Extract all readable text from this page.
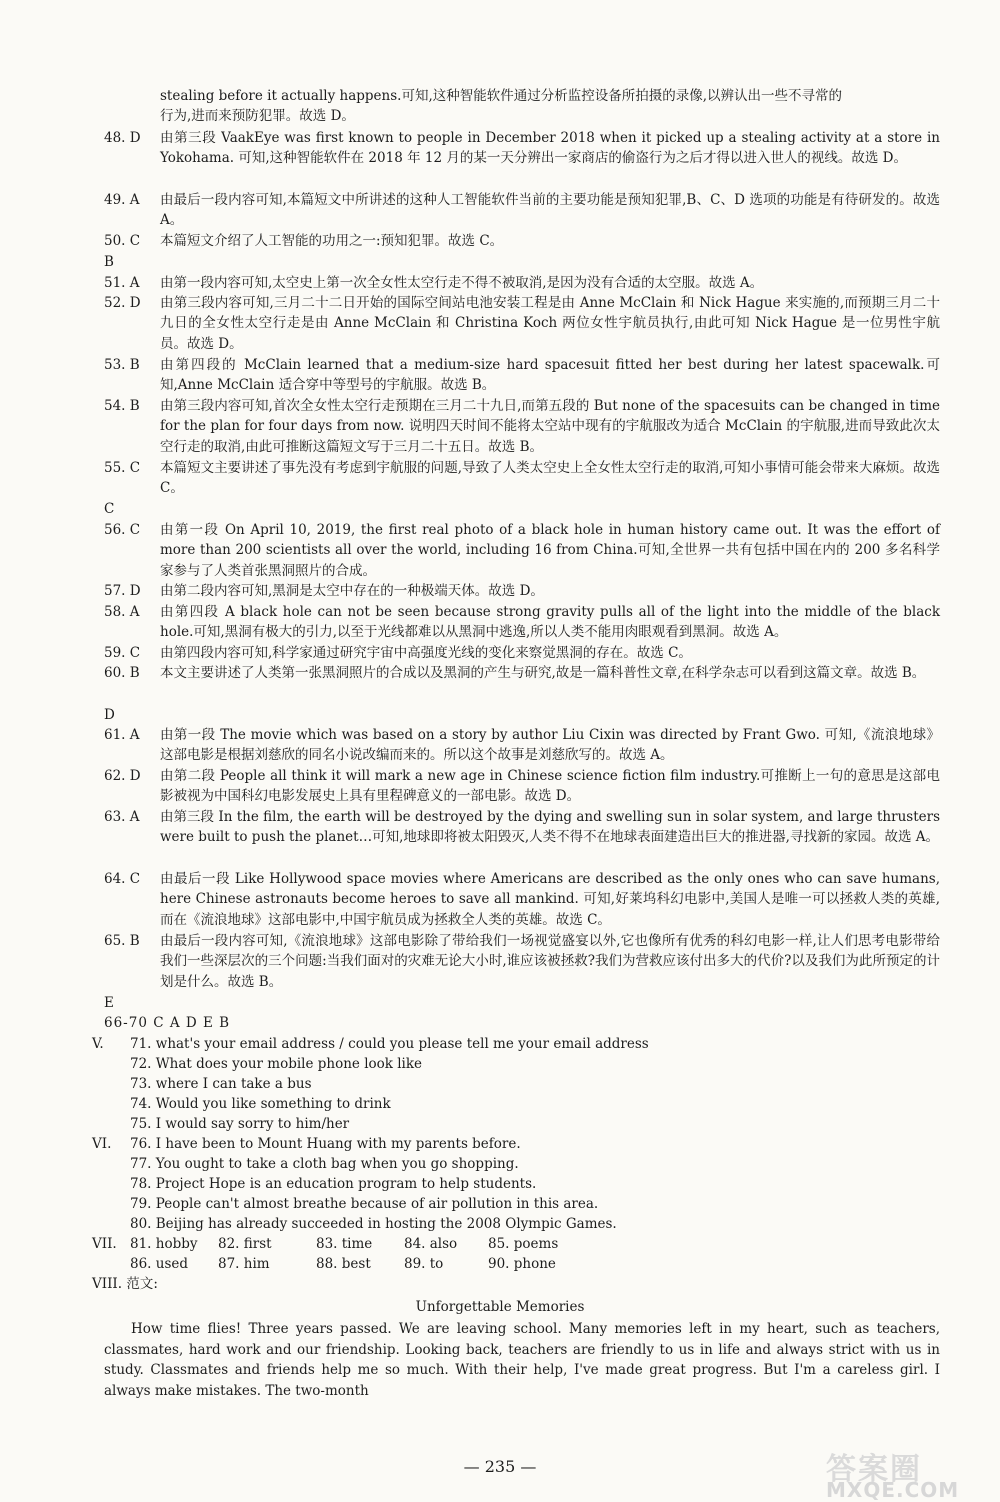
stealing before it actually happens.可知,这种智能软件通过分析监控设备所拍摄的录像,以辨认出一些不寻常的
行为,进而来预防犯罪。故选 D。
48. D	由第三段 VaakEye was first known to people in December 2018 when it picked up a stealing activity at a store in Yokohama. 可知,这种智能软件在 2018 年 12 月的某一天分辨出一家商店的偷盗行为之后才得以进入世人的视线。故选 D。
49. A	由最后一段内容可知,本篇短文中所讲述的这种人工智能软件当前的主要功能是预知犯罪,B、C、D 选项的功能是有待研发的。故选 A。
50. C	本篇短文介绍了人工智能的功用之一:预知犯罪。故选 C。
B
51. A	由第一段内容可知,太空史上第一次全女性太空行走不得不被取消,是因为没有合适的太空服。故选 A。
52. D	由第三段内容可知,三月二十二日开始的国际空间站电池安装工程是由 Anne McClain 和 Nick Hague 来实施的,而预期三月二十九日的全女性太空行走是由 Anne McClain 和 Christina Koch 两位女性宇航员执行,由此可知 Nick Hague 是一位男性宇航员。故选 D。
53. B	由第四段的 McClain learned that a medium-size hard spacesuit fitted her best during her latest spacewalk.可知,Anne McClain 适合穿中等型号的宇航服。故选 B。
54. B	由第三段内容可知,首次全女性太空行走预期在三月二十九日,而第五段的 But none of the spacesuits can be changed in time for the plan for four days from now. 说明四天时间不能将太空站中现有的宇航服改为适合 McClain 的宇航服,进而导致此次太空行走的取消,由此可推断这篇短文写于三月二十五日。故选 B。
55. C	本篇短文主要讲述了事先没有考虑到宇航服的问题,导致了人类太空史上全女性太空行走的取消,可知小事情可能会带来大麻烦。故选 C。
C
56. C	由第一段 On April 10, 2019, the first real photo of a black hole in human history came out. It was the effort of more than 200 scientists all over the world, including 16 from China.可知,全世界一共有包括中国在内的 200 多名科学家参与了人类首张黑洞照片的合成。
57. D	由第二段内容可知,黑洞是太空中存在的一种极端天体。故选 D。
58. A	由第四段 A black hole can not be seen because strong gravity pulls all of the light into the middle of the black hole.可知,黑洞有极大的引力,以至于光线都难以从黑洞中逃逸,所以人类不能用肉眼观看到黑洞。故选 A。
59. C	由第四段内容可知,科学家通过研究宇宙中高强度光线的变化来察觉黑洞的存在。故选 C。
60. B	本文主要讲述了人类第一张黑洞照片的合成以及黑洞的产生与研究,故是一篇科普性文章,在科学杂志可以看到这篇文章。故选 B。
D
61. A	由第一段 The movie which was based on a story by author Liu Cixin was directed by Frant Gwo. 可知,《流浪地球》这部电影是根据刘慈欣的同名小说改编而来的。所以这个故事是刘慈欣写的。故选 A。
62. D	由第二段 People all think it will mark a new age in Chinese science fiction film industry.可推断上一句的意思是这部电影被视为中国科幻电影发展史上具有里程碑意义的一部电影。故选 D。
63. A	由第三段 In the film, the earth will be destroyed by the dying and swelling sun in solar system, and large thrusters were built to push the planet…可知,地球即将被太阳毁灭,人类不得不在地球表面建造出巨大的推进器,寻找新的家园。故选 A。
64. C	由最后一段 Like Hollywood space movies where Americans are described as the only ones who can save humans, here Chinese astronauts become heroes to save all mankind. 可知,好莱坞科幻电影中,美国人是唯一可以拯救人类的英雄,而在《流浪地球》这部电影中,中国宇航员成为拯救全人类的英雄。故选 C。
65. B	由最后一段内容可知,《流浪地球》这部电影除了带给我们一场视觉盛宴以外,它也像所有优秀的科幻电影一样,让人们思考电影带给我们一些深层次的三个问题:当我们面对的灾难无论大小时,谁应该被拯救?我们为营救应该付出多大的代价?以及我们为此所预定的计划是什么。故选 B。
E
66-70 C A D E B
V. 71. what's your email address / could you please tell me your email address
72. What does your mobile phone look like
73. where I can take a bus
74. Would you like something to drink
75. I would say sorry to him/her
VI. 76. I have been to Mount Huang with my parents before.
77. You ought to take a cloth bag when you go shopping.
78. Project Hope is an education program to help students.
79. People can't almost breathe because of air pollution in this area.
80. Beijing has already succeeded in hosting the 2008 Olympic Games.
VII. 81. hobby 82. first	83. time 84. also 85. poems
86. used 87. him	88. best 89. to	90. phone
VIII. 范文:
Unforgettable Memories
How time flies! Three years passed. We are leaving school. Many memories left in my heart, such as teachers, classmates, hard work and our friendship. Looking back, teachers are friendly to us in life and always strict with us in study. Classmates and friends help me so much. With their help, I've made great progress. But I'm a careless girl. I always make mistakes. The two-month
— 235 —	答案圈
MXQE.COM
